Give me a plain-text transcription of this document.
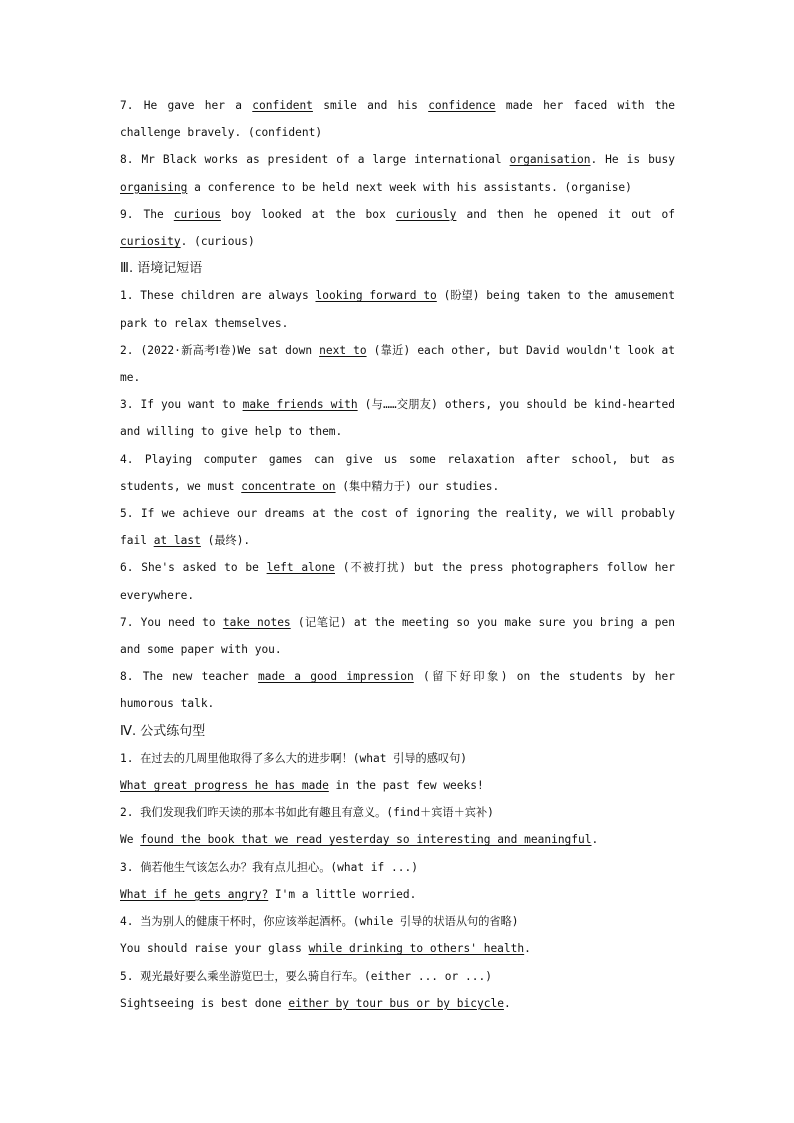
7. He gave her a confident smile and his confidence made her faced with the challenge bravely. (confident)

8. Mr Black works as president of a large international organisation. He is busy organising a conference to be held next week with his assistants. (organise)

9. The curious boy looked at the box curiously and then he opened it out of curiosity. (curious)

Ⅲ. 语境记短语

1. These children are always looking forward to (盼望) being taken to the amusement park to relax themselves.

2. (2022·新高考Ⅰ卷)We sat down next to (靠近) each other, but David wouldn't look at me.

3. If you want to make friends with (与……交朋友) others, you should be kind-hearted and willing to give help to them.

4. Playing computer games can give us some relaxation after school, but as students, we must concentrate on (集中精力于) our studies.

5. If we achieve our dreams at the cost of ignoring the reality, we will probably fail at last (最终).

6. She's asked to be left alone (不被打扰) but the press photographers follow her everywhere.

7. You need to take notes (记笔记) at the meeting so you make sure you bring a pen and some paper with you.

8. The new teacher made a good impression (留下好印象) on the students by her humorous talk.

Ⅳ. 公式练句型

1. 在过去的几周里他取得了多么大的进步啊！(what 引导的感叹句)

What great progress he has made in the past few weeks!

2. 我们发现我们昨天读的那本书如此有趣且有意义。(find＋宾语＋宾补)

We found the book that we read yesterday so interesting and meaningful.

3. 倘若他生气该怎么办？我有点儿担心。(what if ...)

What if he gets angry? I'm a little worried.

4. 当为别人的健康干杯时，你应该举起酒杯。(while 引导的状语从句的省略)

You should raise your glass while drinking to others' health.

5. 观光最好要么乘坐游览巴士，要么骑自行车。(either ... or ...)

Sightseeing is best done either by tour bus or by bicycle.
